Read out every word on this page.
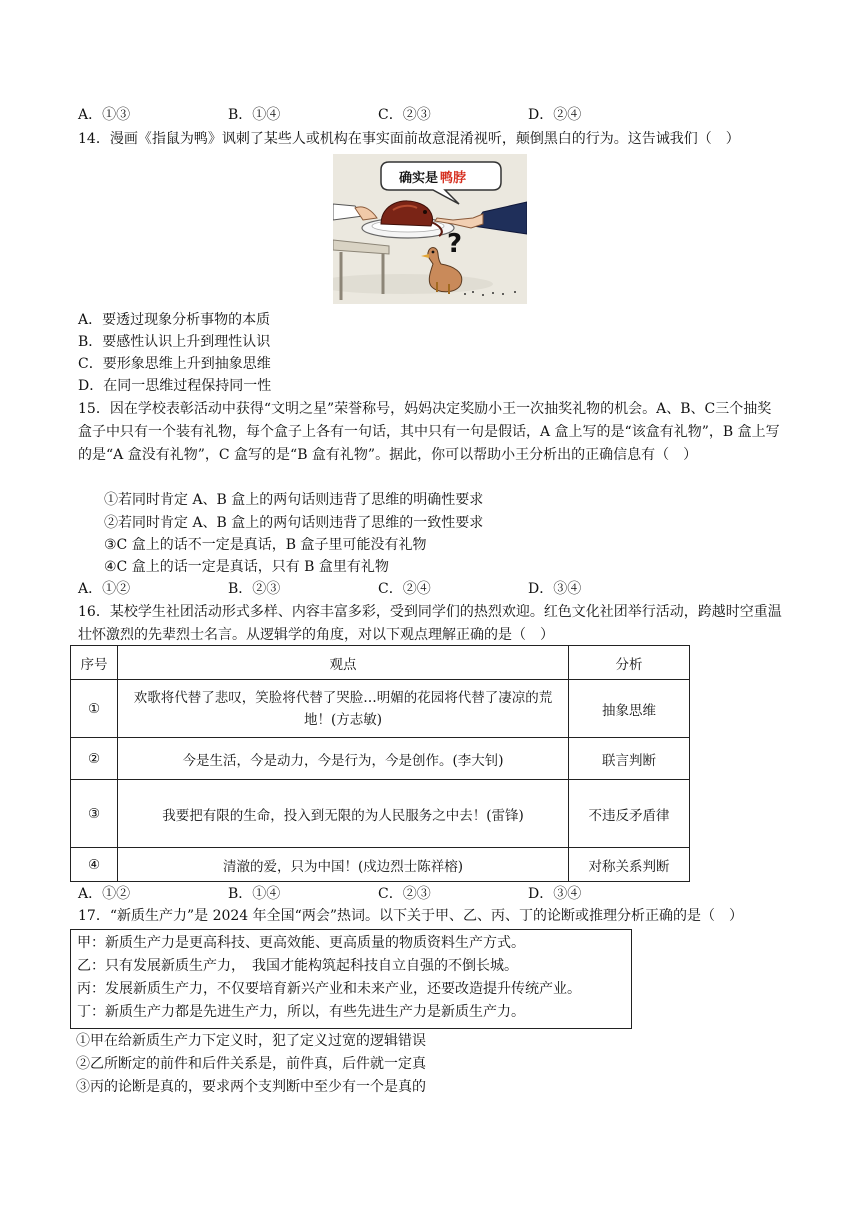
A．①③	B．①④	C．②③	D．②④
14．漫画《指鼠为鸭》讽刺了某些人或机构在事实面前故意混淆视听，颠倒黑白的行为。这告诫我们（　）
确实是 鸭脖
?
A．要透过现象分析事物的本质
B．要感性认识上升到理性认识
C．要形象思维上升到抽象思维
D．在同一思维过程保持同一性
15．因在学校表彰活动中获得“文明之星”荣誉称号，妈妈决定奖励小王一次抽奖礼物的机会。A、B、C三个抽奖盒子中只有一个装有礼物，每个盒子上各有一句话，其中只有一句是假话，A 盒上写的是“该盒有礼物”，B 盒上写的是“A 盒没有礼物”，C 盒写的是“B 盒有礼物”。据此，你可以帮助小王分析出的正确信息有（　）
①若同时肯定 A、B 盒上的两句话则违背了思维的明确性要求
②若同时肯定 A、B 盒上的两句话则违背了思维的一致性要求
③C 盒上的话不一定是真话，B 盒子里可能没有礼物
④C 盒上的话一定是真话，只有 B 盒里有礼物
A．①②	B．②③	C．②④	D．③④
16．某校学生社团活动形式多样、内容丰富多彩，受到同学们的热烈欢迎。红色文化社团举行活动，跨越时空重温壮怀激烈的先辈烈士名言。从逻辑学的角度，对以下观点理解正确的是（　）
序号	观点	分析
①	欢歌将代替了悲叹，笑脸将代替了哭脸…明媚的花园将代替了凄凉的荒地！(方志敏)	抽象思维
②	今是生活，今是动力，今是行为，今是创作。(李大钊)	联言判断
③	我要把有限的生命，投入到无限的为人民服务之中去！(雷锋)	不违反矛盾律
④	清澈的爱，只为中国！(戍边烈士陈祥榕)	对称关系判断
A．①②	B．①④	C．②③	D．③④
17．“新质生产力”是 2024 年全国“两会”热词。以下关于甲、乙、丙、丁的论断或推理分析正确的是（　）
甲：新质生产力是更高科技、更高效能、更高质量的物质资料生产方式。
乙：只有发展新质生产力，　我国才能构筑起科技自立自强的不倒长城。
丙：发展新质生产力，不仅要培育新兴产业和未来产业，还要改造提升传统产业。
丁：新质生产力都是先进生产力，所以，有些先进生产力是新质生产力。
①甲在给新质生产力下定义时，犯了定义过宽的逻辑错误
②乙所断定的前件和后件关系是，前件真，后件就一定真
③丙的论断是真的，要求两个支判断中至少有一个是真的
